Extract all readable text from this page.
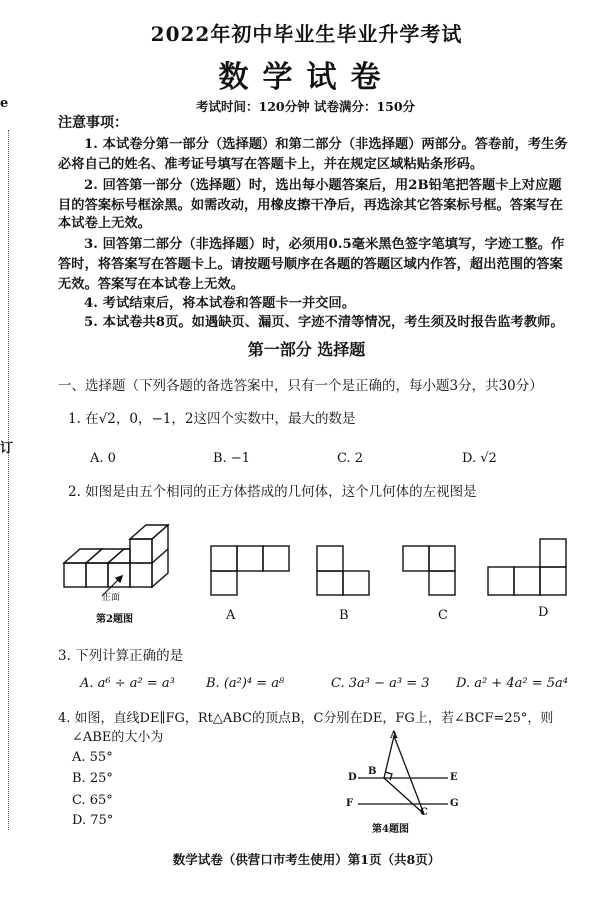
e
订
2022年初中毕业生毕业升学考试
数学试卷
考试时间：120分钟 试卷满分：150分
注意事项：
1. 本试卷分第一部分（选择题）和第二部分（非选择题）两部分。答卷前，考生务
必将自己的姓名、准考证号填写在答题卡上，并在规定区域粘贴条形码。
2. 回答第一部分（选择题）时，选出每小题答案后，用2B铅笔把答题卡上对应题
目的答案标号框涂黑。如需改动，用橡皮擦干净后，再选涂其它答案标号框。答案写在
本试卷上无效。
3. 回答第二部分（非选择题）时，必须用0.5毫米黑色签字笔填写，字迹工整。作
答时，将答案写在答题卡上。请按题号顺序在各题的答题区域内作答，超出范围的答案
无效。答案写在本试卷上无效。
4. 考试结束后，将本试卷和答题卡一并交回。
5. 本试卷共8页。如遇缺页、漏页、字迹不清等情况，考生须及时报告监考教师。
第一部分 选择题
一、选择题（下列各题的备选答案中，只有一个是正确的，每小题3分，共30分）
1. 在√2，0，−1，2这四个实数中，最大的数是
A. 0	B. −1	C. 2	D. √2
2. 如图是由五个相同的正方体搭成的几何体，这个几何体的左视图是
正面
第2题图	A	B	C	D
3. 下列计算正确的是
A. a⁶ ÷ a² = a³ B. (a²)⁴ = a⁸	C. 3a³ − a³ = 3 D. a² + 4a² = 5a⁴
4. 如图，直线DE∥FG，Rt△ABC的顶点B，C分别在DE，FG上，若∠BCF=25°，则
∠ABE的大小为
A. 55°
B. 25°
C. 65°
D. 75°
A
B
C
D	E
F	G
第4题图
数学试卷（供营口市考生使用）第1页（共8页）
